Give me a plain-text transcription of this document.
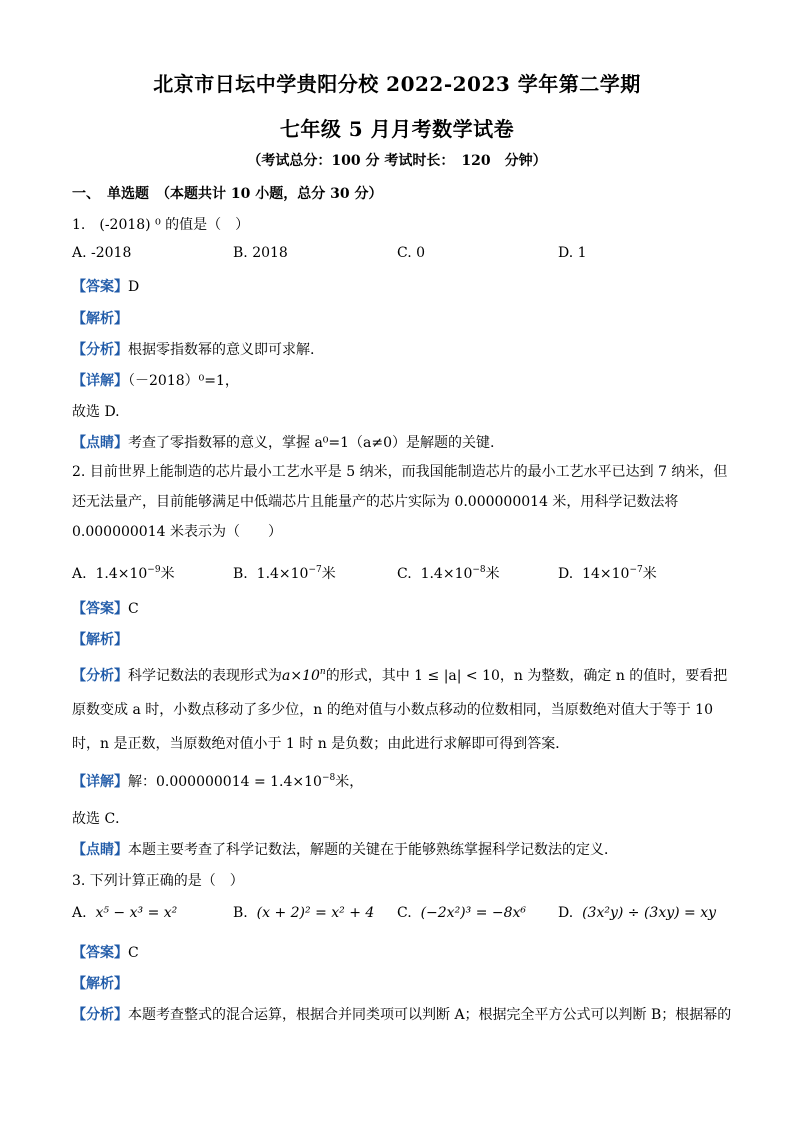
北京市日坛中学贵阳分校 2022-2023 学年第二学期
七年级 5 月月考数学试卷
（考试总分：100 分 考试时长：　120　分钟）
一、　单选题　（本题共计 10 小题，总分 30 分）
1.　(-2018) ⁰ 的值是（　）
A. -2018	B. 2018	C. 0	D. 1
【答案】D
【解析】
【分析】根据零指数幂的意义即可求解.
【详解】（－2018）⁰=1，
故选 D.
【点睛】考查了零指数幂的意义，掌握 a⁰=1（a≠0）是解题的关键.
2. 目前世界上能制造的芯片最小工艺水平是 5 纳米，而我国能制造芯片的最小工艺水平已达到 7 纳米，但还无法量产，目前能够满足中低端芯片且能量产的芯片实际为 0.000000014 米，用科学记数法将 0.000000014 米表示为（　　）
A. $1.4\times 10^{-9}$米	B. $1.4\times 10^{-7}$米	C. $1.4\times 10^{-8}$米	D. $14\times 10^{-7}$米
【答案】C
【解析】
【分析】科学记数法的表现形式为$a\times 10^n$的形式，其中 1 ≤ |a| < 10，n 为整数，确定 n 的值时，要看把原数变成 a 时，小数点移动了多少位，n 的绝对值与小数点移动的位数相同，当原数绝对值大于等于 10 时，n 是正数，当原数绝对值小于 1 时 n 是负数；由此进行求解即可得到答案．
【详解】解：$0.000000014 = 1.4\times 10^{-8}$米，
故选 C．
【点睛】本题主要考查了科学记数法，解题的关键在于能够熟练掌握科学记数法的定义．
3. 下列计算正确的是（　）
A. x⁵ − x³ = x²	B. (x + 2)² = x² + 4 C. (−2x²)³ = −8x⁶ D. (3x²y) ÷ (3xy) = xy
【答案】C
【解析】
【分析】本题考查整式的混合运算，根据合并同类项可以判断 A；根据完全平方公式可以判断 B；根据幂的
